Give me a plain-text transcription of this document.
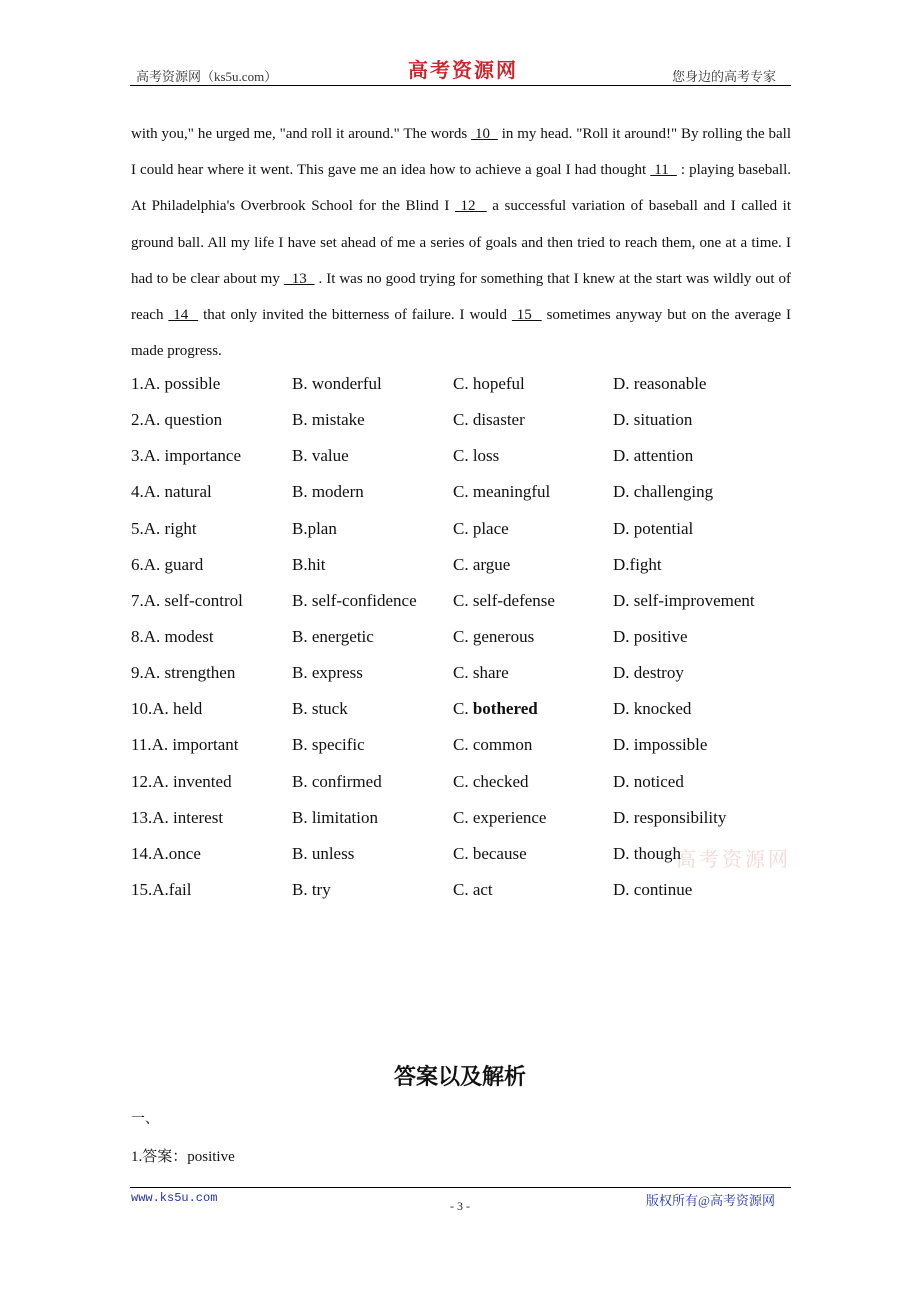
高考资源网（ks5u.com）	高考资源网	您身边的高考专家
with you," he urged me, "and roll it around." The words  10   in my head. "Roll it around!" By rolling the ball I could hear where it went. This gave me an idea how to achieve a goal I had thought  11   : playing baseball. At Philadelphia's Overbrook School for the Blind I  12   a successful variation of baseball and I called it ground ball. All my life I have set ahead of me a series of goals and then tried to reach them, one at a time. I had to be clear about my   13   . It was no good trying for something that I knew at the start was wildly out of reach  14   that only invited the bitterness of failure. I would  15   sometimes anyway but on the average I made progress.
1.A. possible	B. wonderful	C. hopeful	D. reasonable
2.A. question	B. mistake	C. disaster	D. situation
3.A. importance	B. value	C. loss	D. attention
4.A. natural	B. modern	C. meaningful	D. challenging
5.A. right	B.plan	C. place	D. potential
6.A. guard	B.hit	C. argue	D.fight
7.A. self-control	B. self-confidence C. self-defense	D. self-improvement
8.A. modest	B. energetic	C. generous	D. positive
9.A. strengthen	B. express	C. share	D. destroy
10.A. held	B. stuck	C. bothered	D. knocked
11.A. important	B. specific	C. common	D. impossible
12.A. invented	B. confirmed	C. checked	D. noticed
13.A. interest	B. limitation	C. experience	D. responsibility
14.A.once	B. unless	C. because	D. though
15.A.fail	B. try	C. act	D. continue
高考资源网
答案以及解析
一、
1.答案：positive
www.ks5u.com
- 3 -	版权所有@高考资源网
